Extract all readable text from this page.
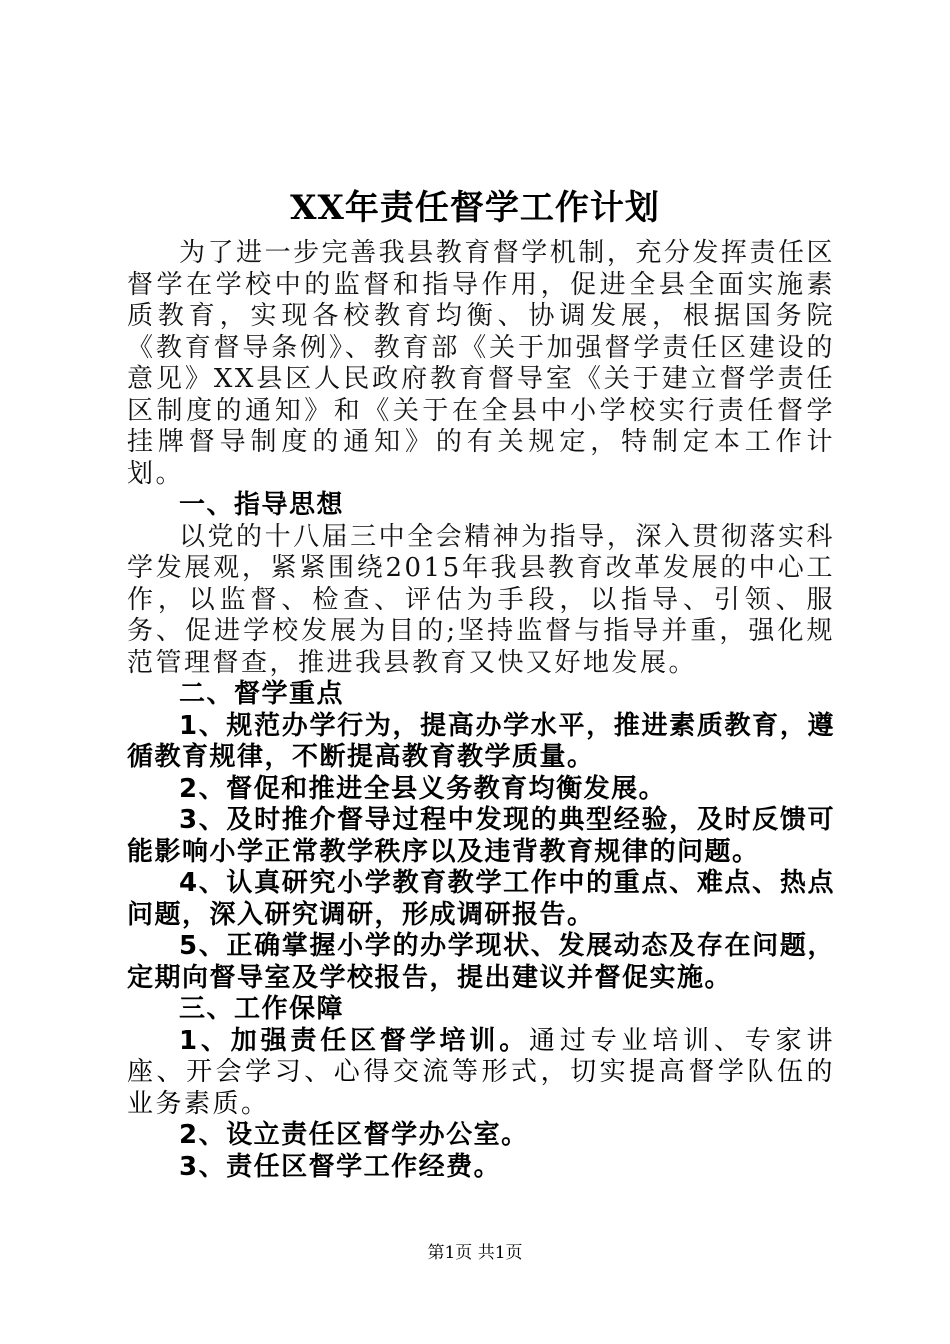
XX年责任督学工作计划

为了进一步完善我县教育督学机制，充分发挥责任区督学在学校中的监督和指导作用，促进全县全面实施素质教育，实现各校教育均衡、协调发展，根据国务院《教育督导条例》、教育部《关于加强督学责任区建设的意见》XX县区人民政府教育督导室《关于建立督学责任区制度的通知》和《关于在全县中小学校实行责任督学挂牌督导制度的通知》的有关规定，特制定本工作计划。

一、指导思想

以党的十八届三中全会精神为指导，深入贯彻落实科学发展观，紧紧围绕2015年我县教育改革发展的中心工作，以监督、检查、评估为手段，以指导、引领、服务、促进学校发展为目的;坚持监督与指导并重，强化规范管理督查，推进我县教育又快又好地发展。

二、督学重点

1、规范办学行为，提高办学水平，推进素质教育，遵循教育规律，不断提高教育教学质量。

2、督促和推进全县义务教育均衡发展。

3、及时推介督导过程中发现的典型经验，及时反馈可能影响小学正常教学秩序以及违背教育规律的问题。

4、认真研究小学教育教学工作中的重点、难点、热点问题，深入研究调研，形成调研报告。

5、正确掌握小学的办学现状、发展动态及存在问题，定期向督导室及学校报告，提出建议并督促实施。

三、工作保障

1、加强责任区督学培训。通过专业培训、专家讲座、开会学习、心得交流等形式，切实提高督学队伍的业务素质。

2、设立责任区督学办公室。

3、责任区督学工作经费。

第1页 共1页
